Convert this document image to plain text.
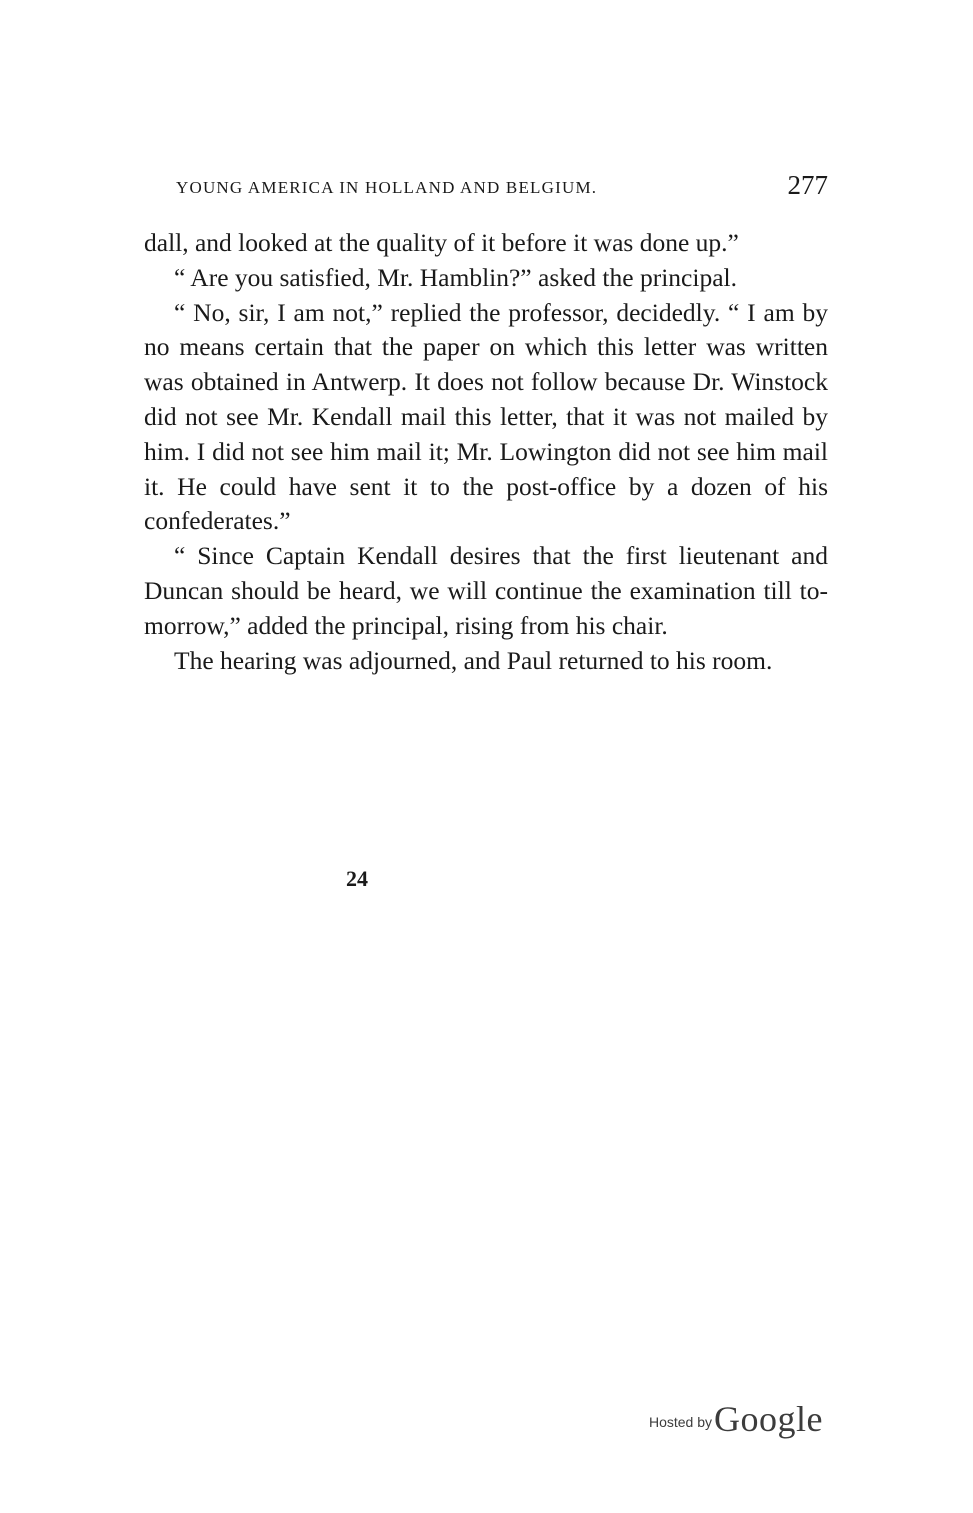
YOUNG AMERICA IN HOLLAND AND BELGIUM.	277

dall, and looked at the quality of it before it was done up.”

“ Are you satisfied, Mr. Hamblin?” asked the principal.

“ No, sir, I am not,” replied the professor, decidedly. “ I am by no means certain that the paper on which this letter was written was obtained in Antwerp. It does not follow because Dr. Winstock did not see Mr. Kendall mail this letter, that it was not mailed by him. I did not see him mail it; Mr. Lowington did not see him mail it. He could have sent it to the post-office by a dozen of his confederates.”

“ Since Captain Kendall desires that the first lieutenant and Duncan should be heard, we will continue the examination till to-morrow,” added the principal, rising from his chair.

The hearing was adjourned, and Paul returned to his room.

24
Hosted byGoogle
